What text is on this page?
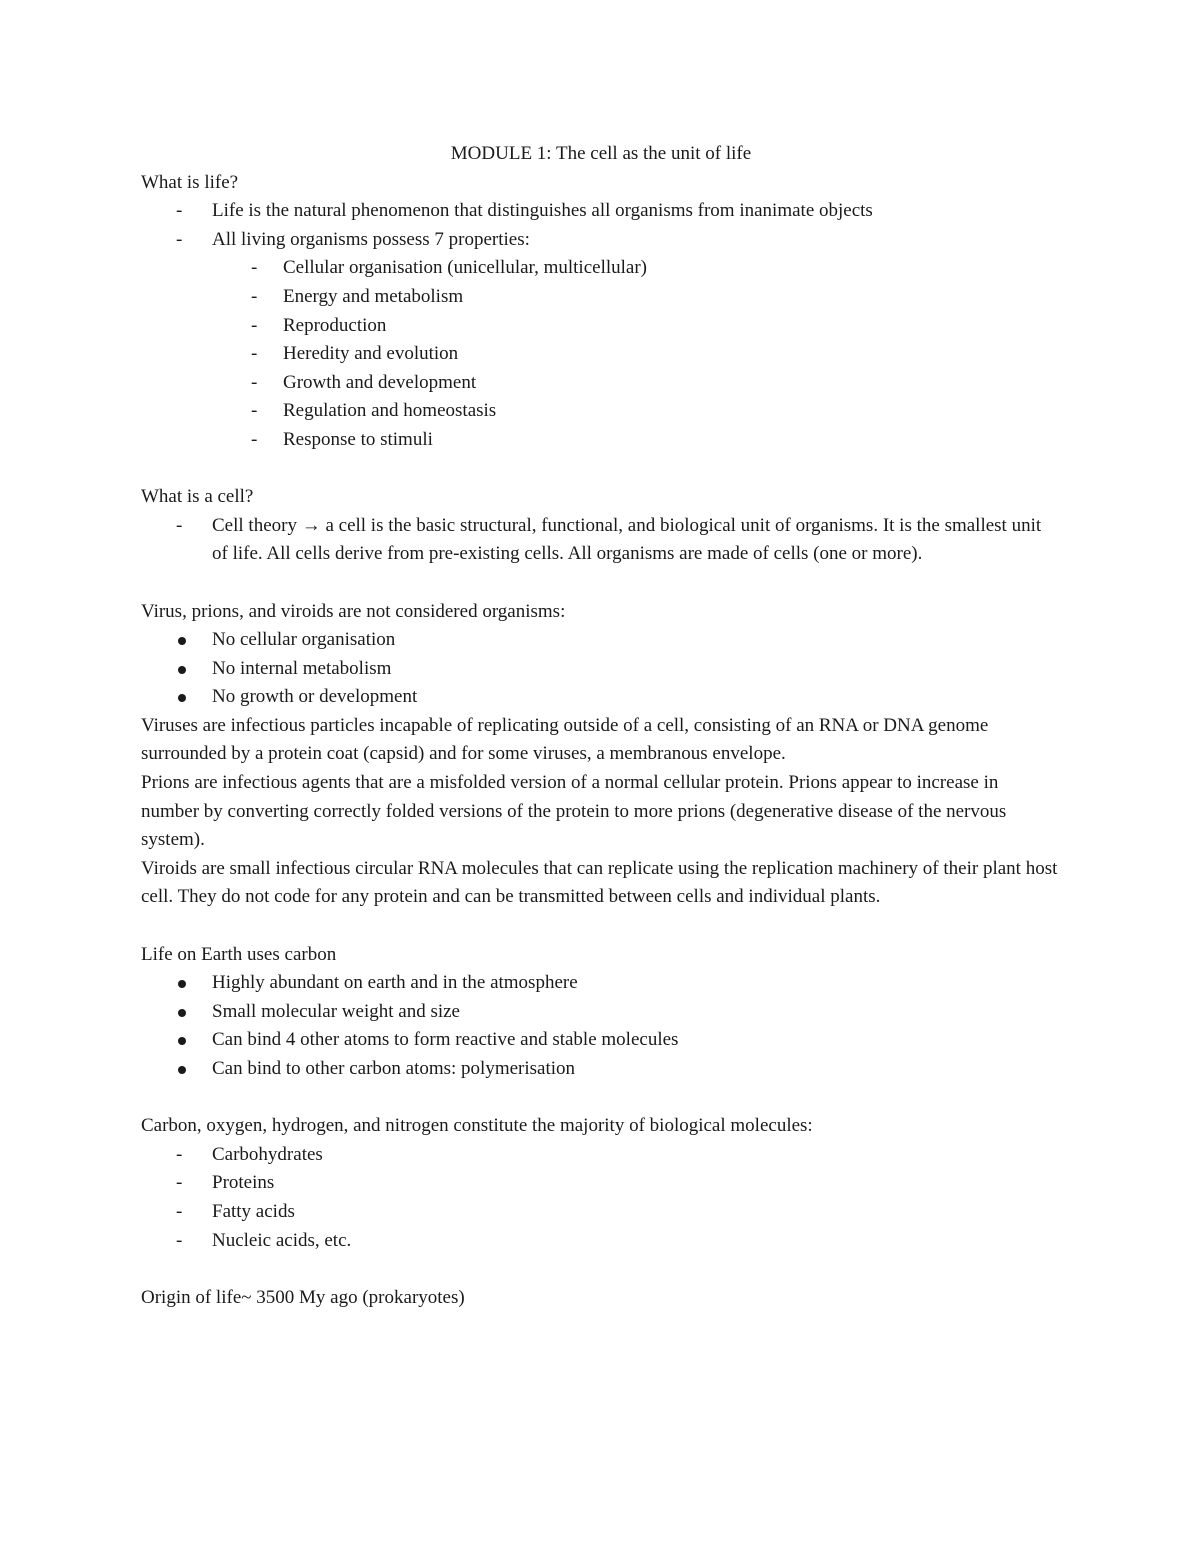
MODULE 1: The cell as the unit of life

What is life?

- Life is the natural phenomenon that distinguishes all organisms from inanimate objects
- All living organisms possess 7 properties:
- Cellular organisation (unicellular, multicellular)
- Energy and metabolism
- Reproduction
- Heredity and evolution
- Growth and development
- Regulation and homeostasis
- Response to stimuli

What is a cell?

- Cell theory → a cell is the basic structural, functional, and biological unit of organisms. It is the smallest unit of life. All cells derive from pre-existing cells. All organisms are made of cells (one or more).

Virus, prions, and viroids are not considered organisms:

No cellular organisation
No internal metabolism
No growth or development

Viruses are infectious particles incapable of replicating outside of a cell, consisting of an RNA or DNA genome surrounded by a protein coat (capsid) and for some viruses, a membranous envelope.

Prions are infectious agents that are a misfolded version of a normal cellular protein. Prions appear to increase in number by converting correctly folded versions of the protein to more prions (degenerative disease of the nervous system).

Viroids are small infectious circular RNA molecules that can replicate using the replication machinery of their plant host cell. They do not code for any protein and can be transmitted between cells and individual plants.

Life on Earth uses carbon

Highly abundant on earth and in the atmosphere
Small molecular weight and size
Can bind 4 other atoms to form reactive and stable molecules
Can bind to other carbon atoms: polymerisation

Carbon, oxygen, hydrogen, and nitrogen constitute the majority of biological molecules:

- Carbohydrates
- Proteins
- Fatty acids
- Nucleic acids, etc.

Origin of life~ 3500 My ago (prokaryotes)
